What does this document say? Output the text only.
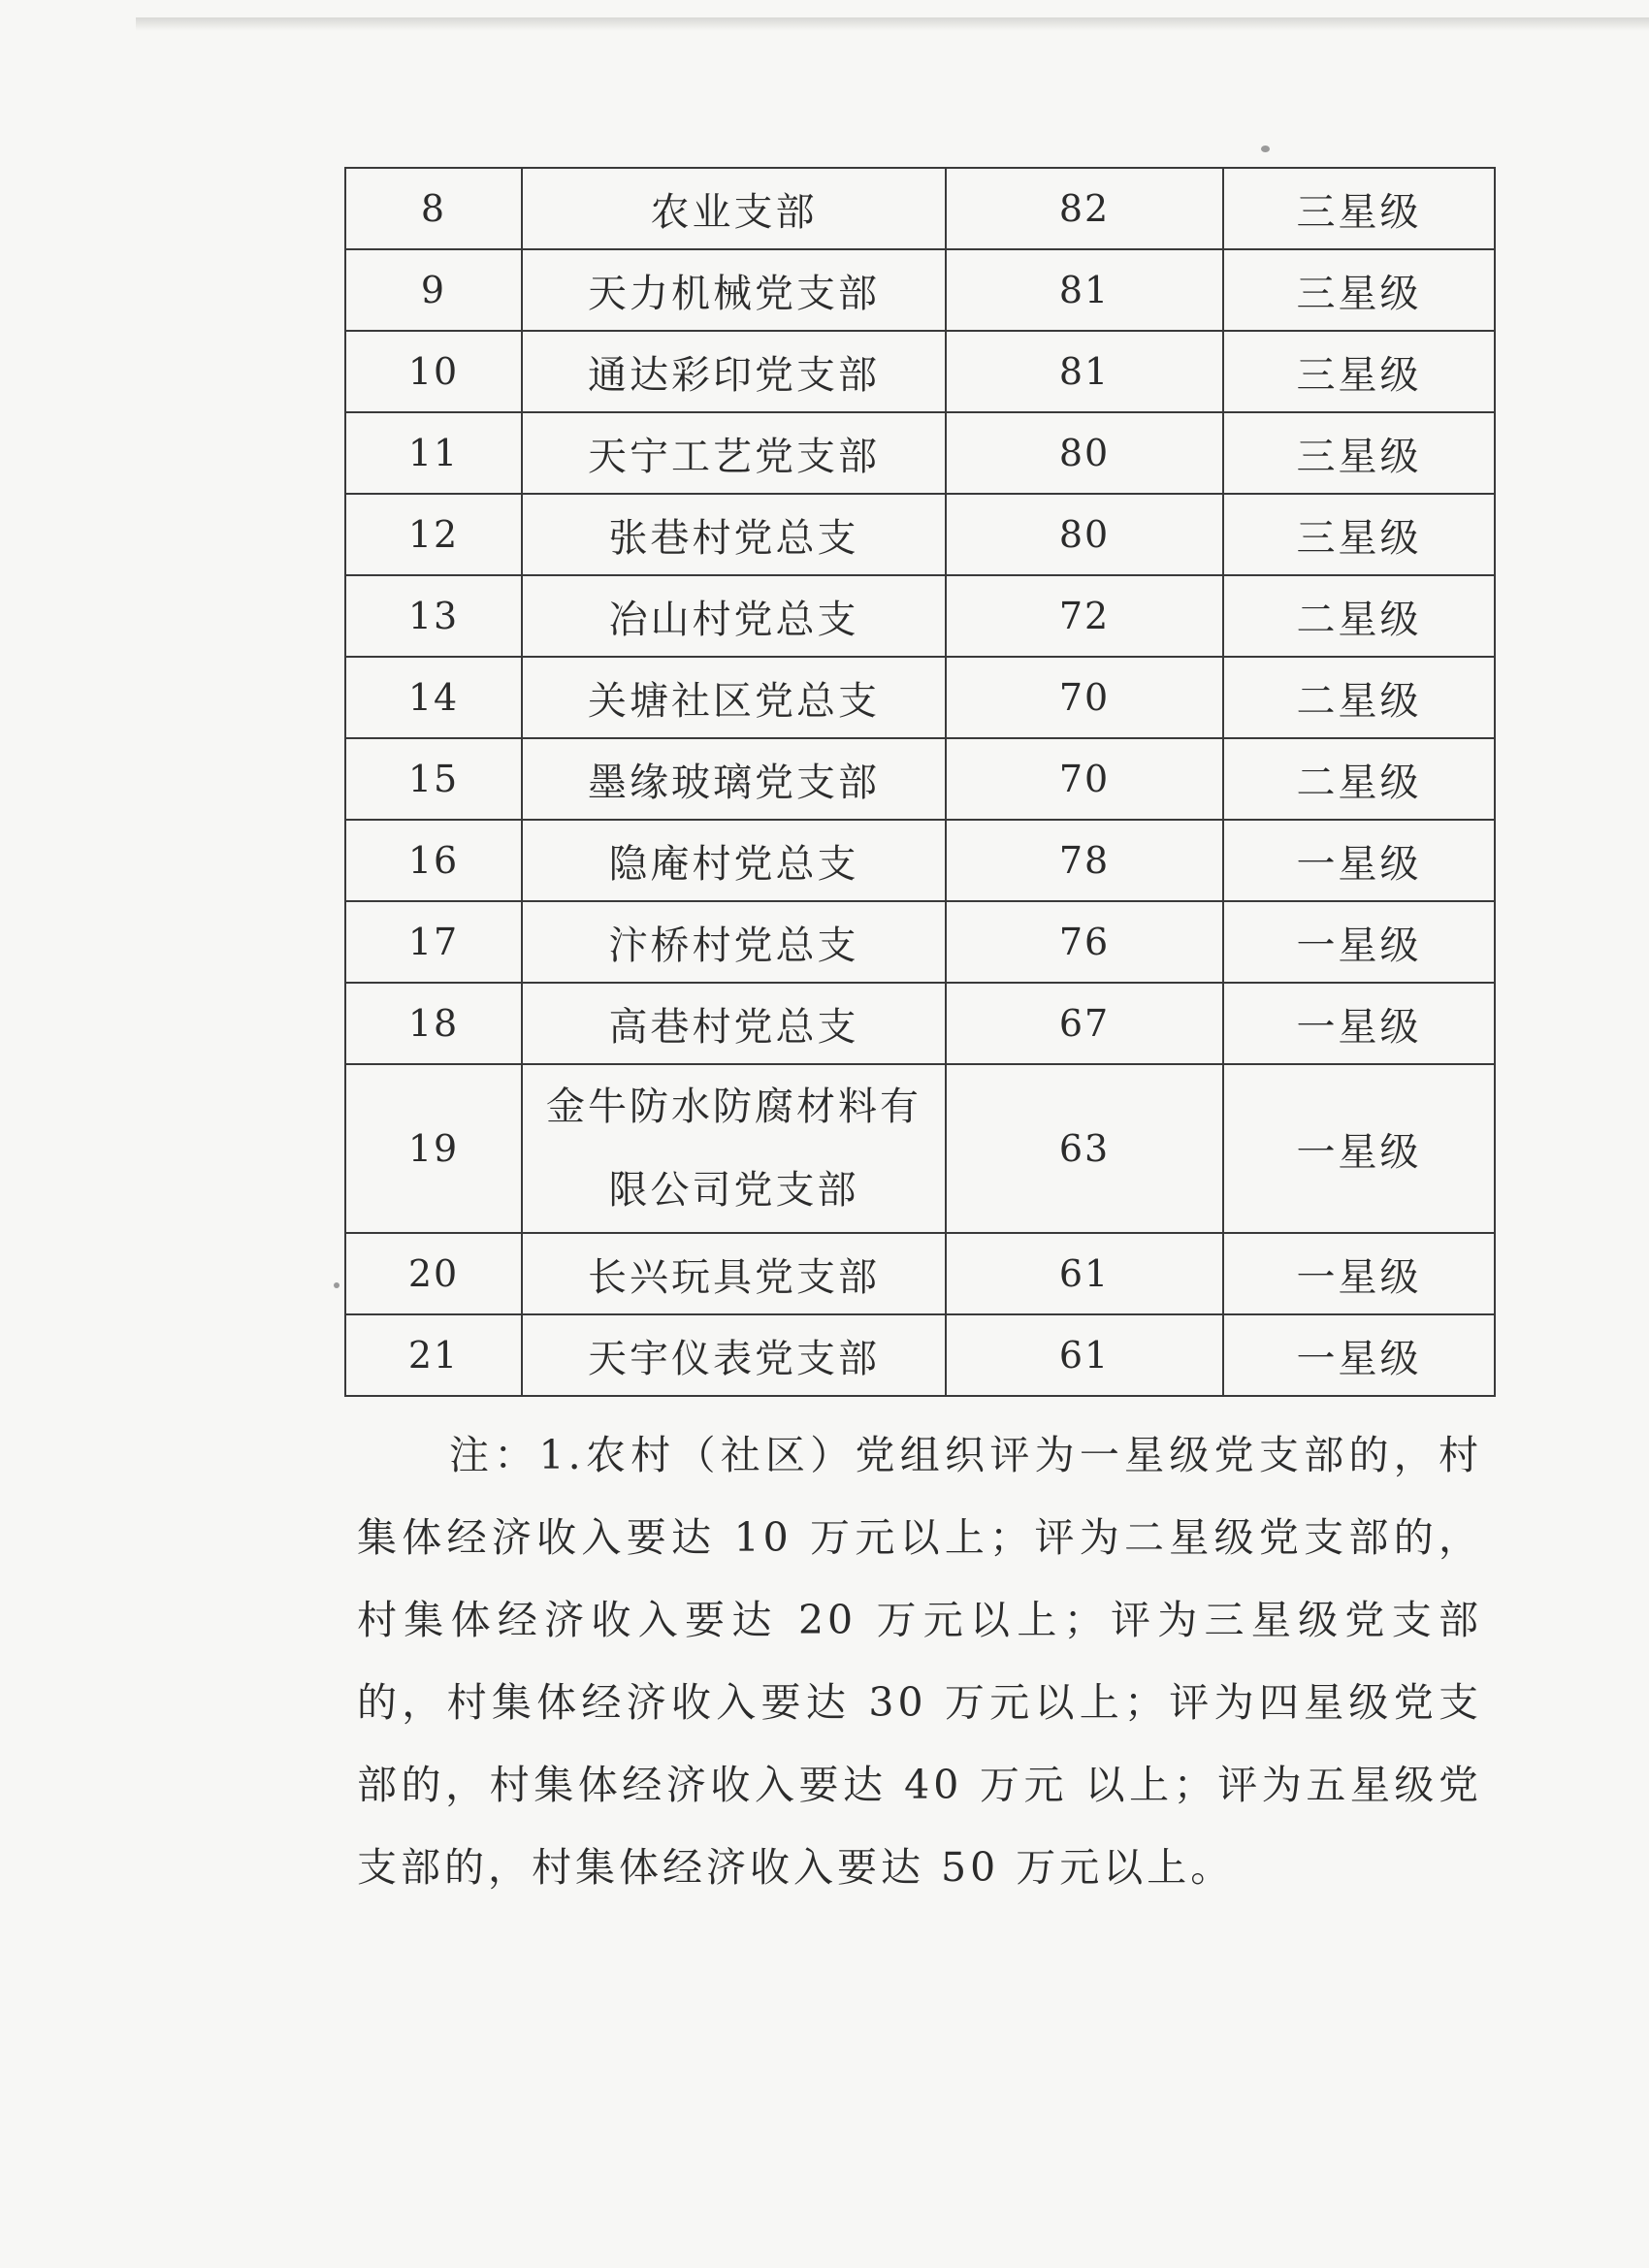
8	农业支部	82	三星级
9	天力机械党支部	81	三星级
10	通达彩印党支部	81	三星级
11	天宁工艺党支部	80	三星级
12	张巷村党总支	80	三星级
13	冶山村党总支	72	二星级
14	关塘社区党总支	70	二星级
15	墨缘玻璃党支部	70	二星级
16	隐庵村党总支	78	一星级
17	汴桥村党总支	76	一星级
18	高巷村党总支	67	一星级
19	金牛防水防腐材料有限公司党支部	63	一星级
20	长兴玩具党支部	61	一星级
21	天宇仪表党支部	61	一星级

注：1.农村（社区）党组织评为一星级党支部的，村集体经济收入要达 10 万元以上；评为二星级党支部的，村集体经济收入要达 20 万元以上；评为三星级党支部的，村集体经济收入要达 30 万元以上；评为四星级党支部的，村集体经济收入要达 40 万元 以上；评为五星级党支部的，村集体经济收入要达 50 万元以上。
